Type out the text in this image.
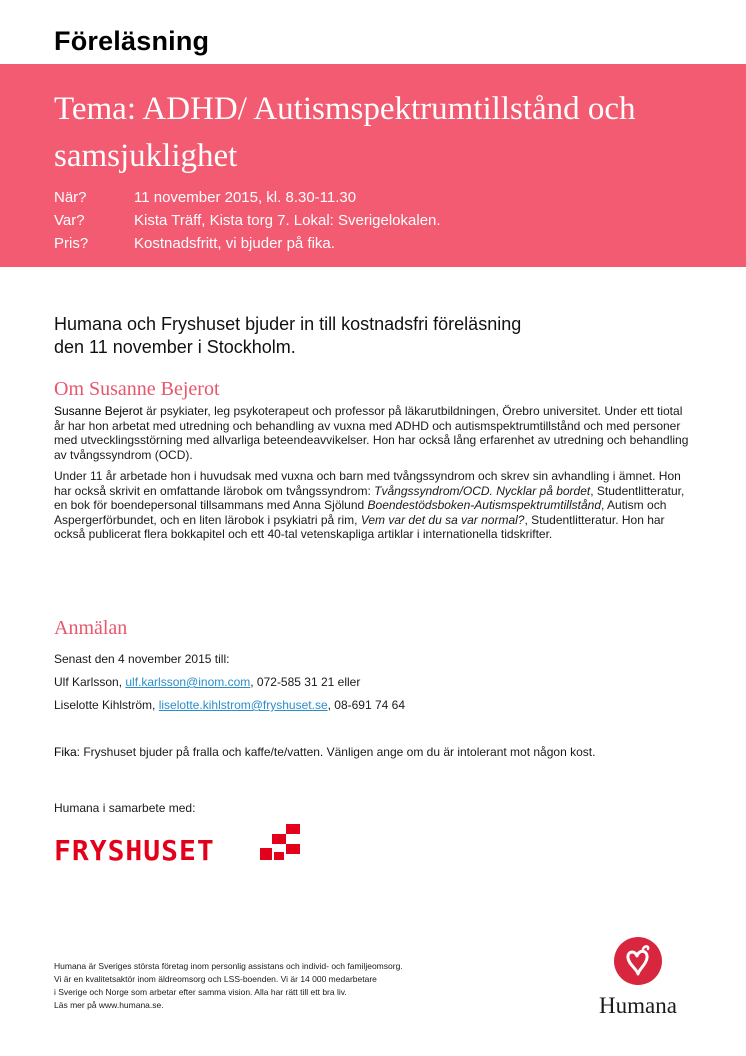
Föreläsning
Tema: ADHD/ Autismspektrumtillstånd och samsjuklighet
När?	11 november 2015, kl. 8.30-11.30
Var?	Kista Träff, Kista torg 7. Lokal: Sverigelokalen.
Pris?	Kostnadsfritt, vi bjuder på fika.
Humana och Fryshuset bjuder in till kostnadsfri föreläsning
den 11 november i Stockholm.
Om Susanne Bejerot

Susanne Bejerot är psykiater, leg psykoterapeut och professor på läkarutbildningen, Örebro universitet. Under ett tiotal år har hon arbetat med utredning och behandling av vuxna med ADHD och autismspektrumtillstånd och med personer med utvecklingsstörning med allvarliga beteendeavvikelser. Hon har också lång erfarenhet av utredning och behandling av tvångssyndrom (OCD).

Under 11 år arbetade hon i huvudsak med vuxna och barn med tvångssyndrom och skrev sin avhandling i ämnet. Hon har också skrivit en omfattande lärobok om tvångssyndrom: Tvångssyndrom/OCD. Nycklar på bordet, Studentlitteratur, en bok för boendepersonal tillsammans med Anna Sjölund Boendestödsboken-Autismspektrumtillstånd, Autism och Aspergerförbundet, och en liten lärobok i psykiatri på rim, Vem var det du sa var normal?, Studentlitteratur. Hon har också publicerat flera bokkapitel och ett 40-tal vetenskapliga artiklar i internationella tidskrifter.

Anmälan
Senast den 4 november 2015 till:
Ulf Karlsson, ulf.karlsson@inom.com, 072-585 31 21 eller
Liselotte Kihlström, liselotte.kihlstrom@fryshuset.se, 08-691 74 64
Fika: Fryshuset bjuder på fralla och kaffe/te/vatten. Vänligen ange om du är intolerant mot någon kost.
Humana i samarbete med:
FRYSHUSET
Humana är Sveriges största företag inom personlig assistans och individ- och familjeomsorg.
Vi är en kvalitetsaktör inom äldreomsorg och LSS-boenden. Vi är 14 000 medarbetare
i Sverige och Norge som arbetar efter samma vision. Alla har rätt till ett bra liv.
Läs mer på www.humana.se.	Humana
